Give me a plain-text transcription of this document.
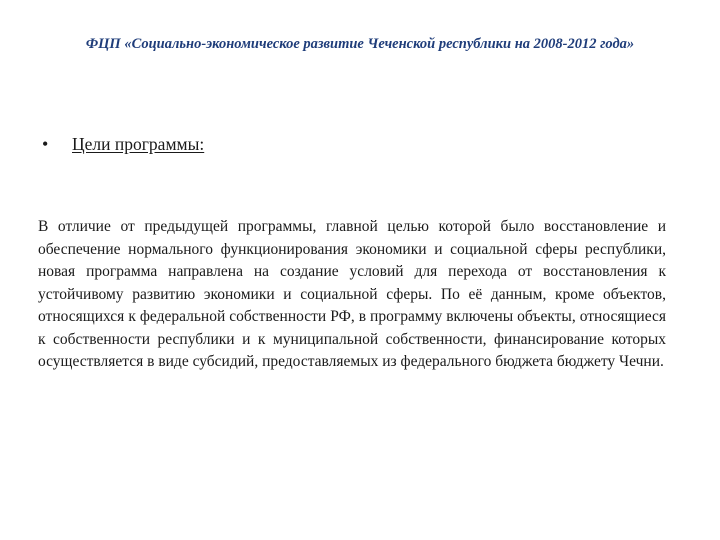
ФЦП «Социально-экономическое развитие Чеченской республики на 2008-2012 года»
•	Цели программы:
В отличие от предыдущей программы, главной целью которой было восстановление и обеспечение нормального функционирования экономики и социальной сферы республики, новая программа направлена на создание условий для перехода от восстановления к устойчивому развитию экономики и социальной сферы. По её данным, кроме объектов, относящихся к федеральной собственности РФ, в программу включены объекты, относящиеся к собственности республики и к муниципальной собственности, финансирование которых осуществляется в виде субсидий, предоставляемых из федерального бюджета бюджету Чечни.
